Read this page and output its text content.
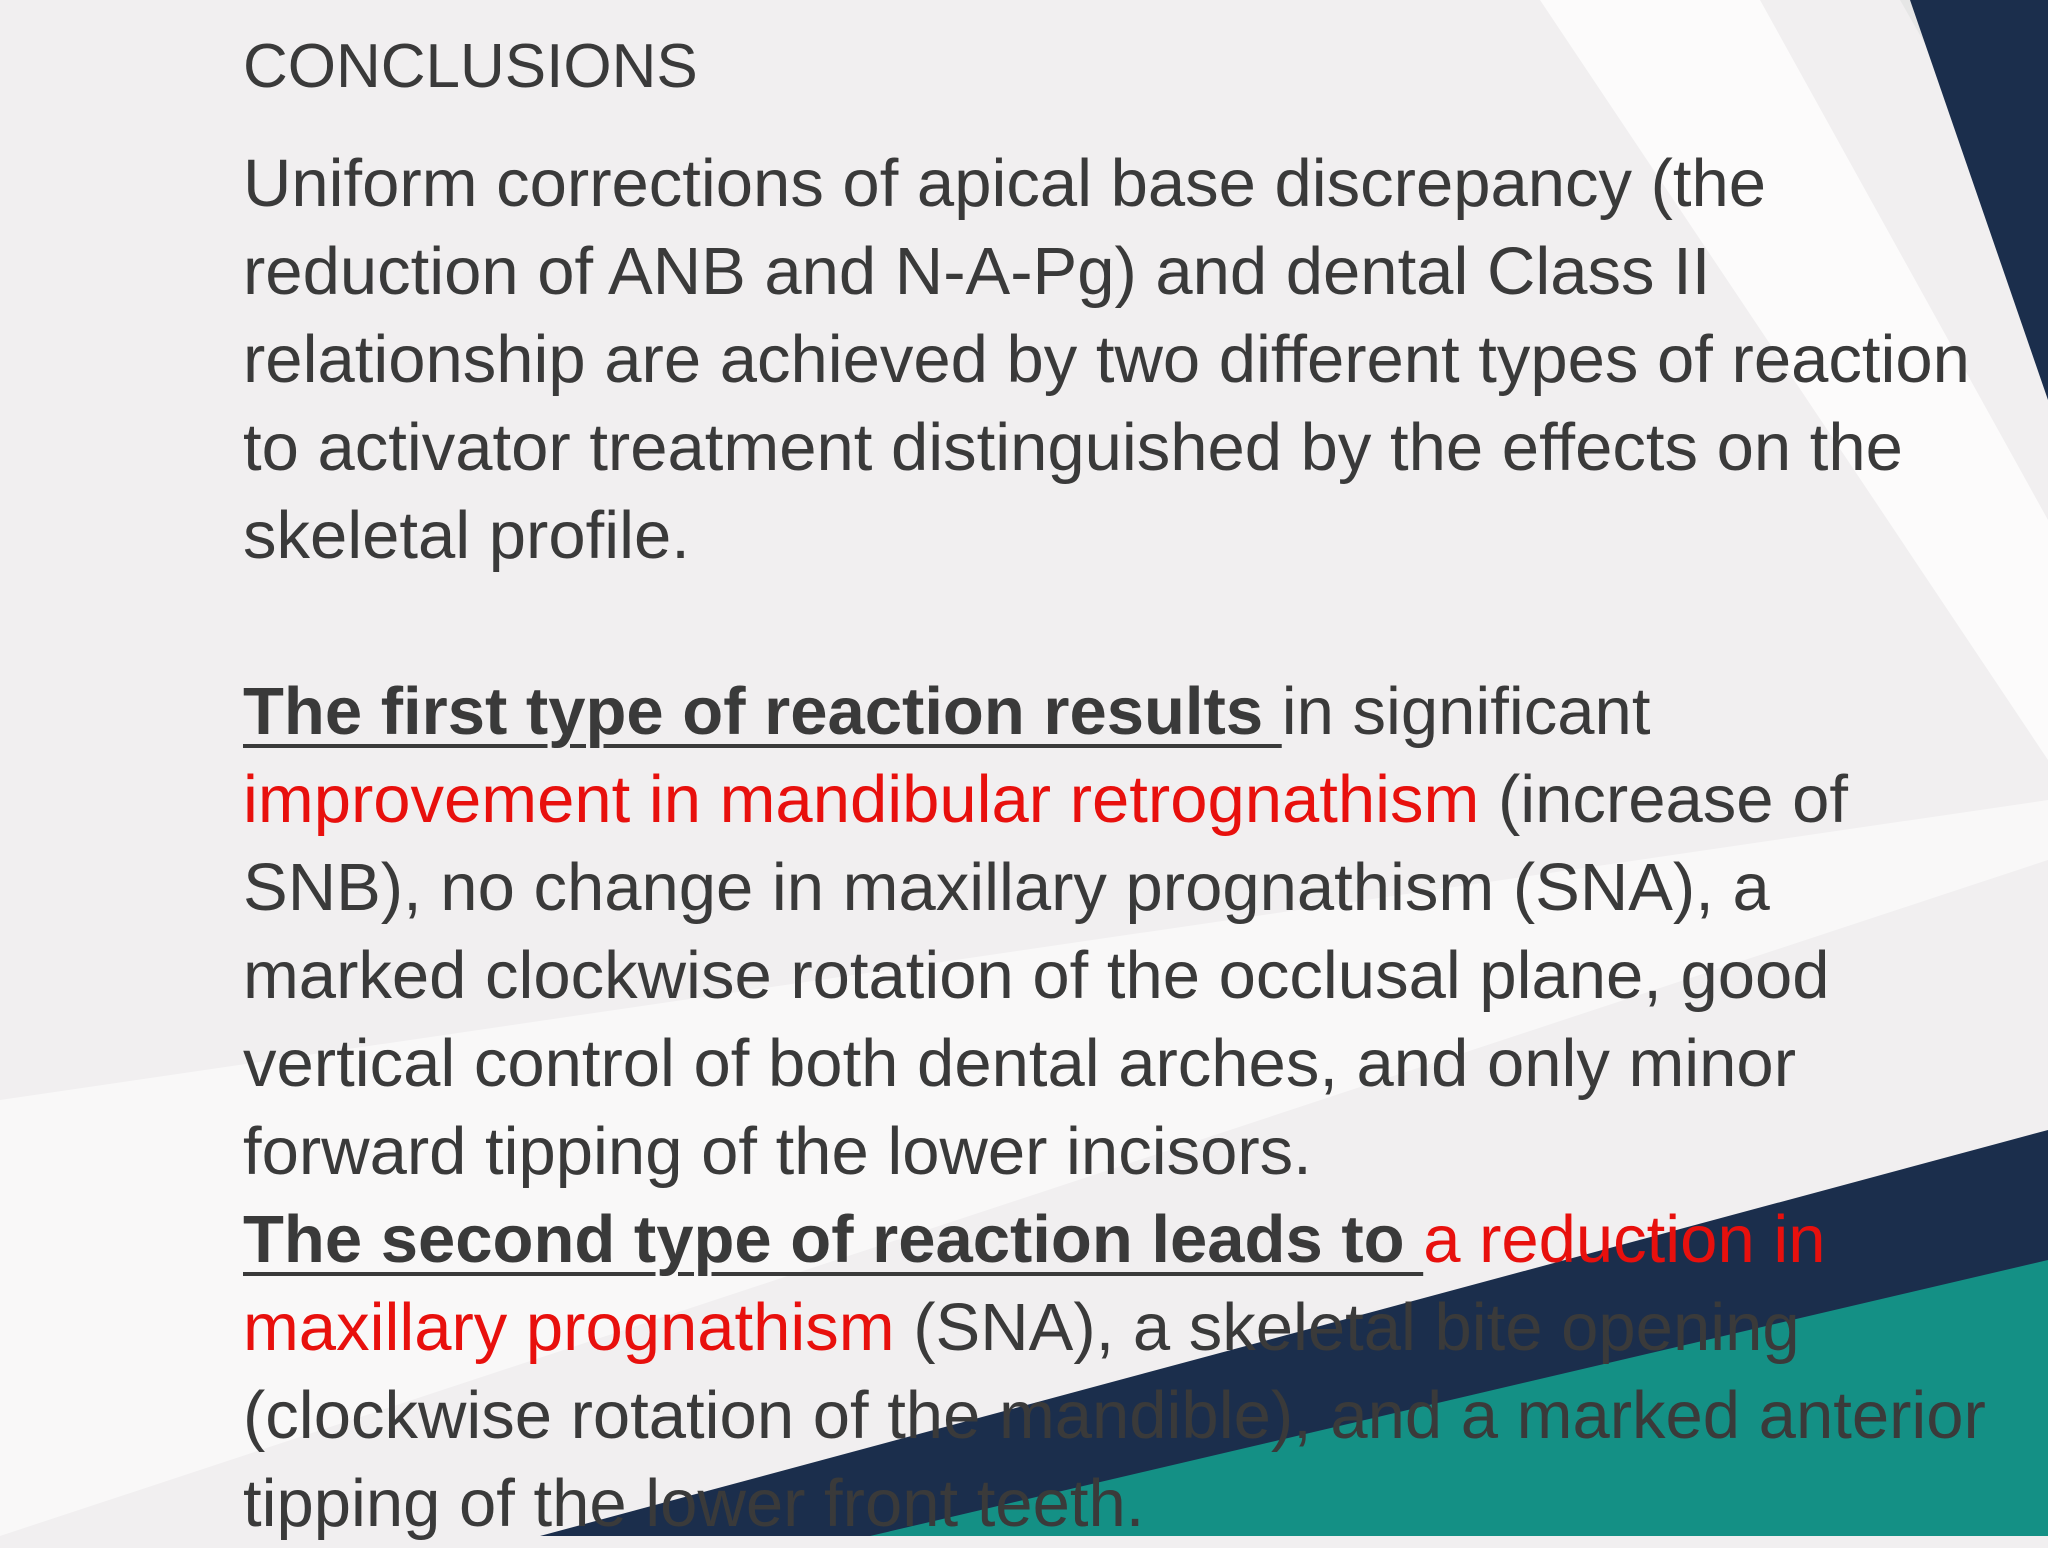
CONCLUSIONS

Uniform corrections of apical base discrepancy (the reduction of ANB and N-A-Pg) and dental Class II relationship are achieved by two different types of reaction to activator treatment distinguished by the effects on the skeletal profile.

The first type of reaction results in significant improvement in mandibular retrognathism (increase of SNB), no change in maxillary prognathism (SNA), a marked clockwise rotation of the occlusal plane, good vertical control of both dental arches, and only minor forward tipping of the lower incisors.

The second type of reaction leads to a reduction in maxillary prognathism (SNA), a skeletal bite opening (clockwise rotation of the mandible), and a marked anterior tipping of the lower front teeth.
